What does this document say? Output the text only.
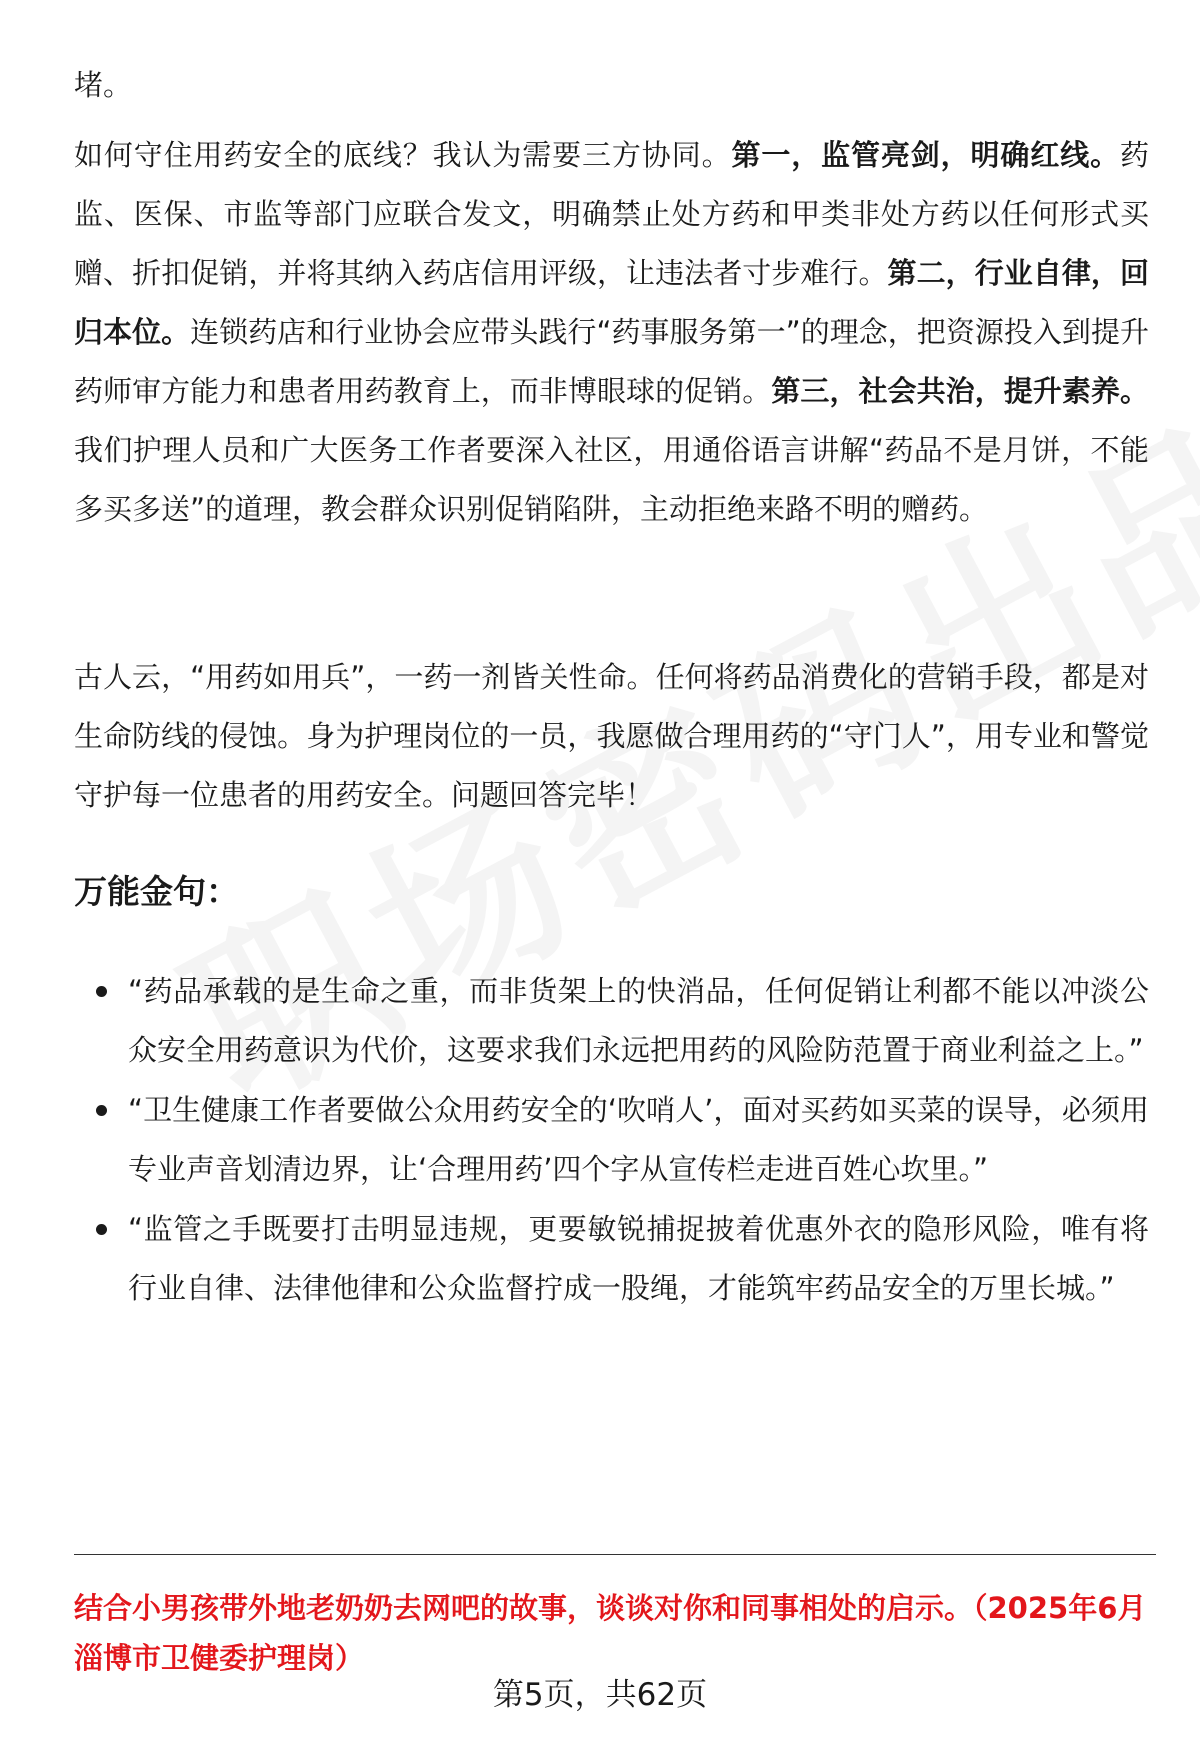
堵。

如何守住用药安全的底线？我认为需要三方协同。第一，监管亮剑，明确红线。药监、医保、市监等部门应联合发文，明确禁止处方药和甲类非处方药以任何形式买赠、折扣促销，并将其纳入药店信用评级，让违法者寸步难行。第二，行业自律，回归本位。连锁药店和行业协会应带头践行“药事服务第一”的理念，把资源投入到提升药师审方能力和患者用药教育上，而非博眼球的促销。第三，社会共治，提升素养。我们护理人员和广大医务工作者要深入社区，用通俗语言讲解“药品不是月饼，不能多买多送”的道理，教会群众识别促销陷阱，主动拒绝来路不明的赠药。

古人云，“用药如用兵”，一药一剂皆关性命。任何将药品消费化的营销手段，都是对生命防线的侵蚀。身为护理岗位的一员，我愿做合理用药的“守门人”，用专业和警觉守护每一位患者的用药安全。问题回答完毕！

万能金句：
“药品承载的是生命之重，而非货架上的快消品，任何促销让利都不能以冲淡公众安全用药意识为代价，这要求我们永远把用药的风险防范置于商业利益之上。”
“卫生健康工作者要做公众用药安全的‘吹哨人’，面对买药如买菜的误导，必须用专业声音划清边界，让‘合理用药’四个字从宣传栏走进百姓心坎里。”
“监管之手既要打击明显违规，更要敏锐捕捉披着优惠外衣的隐形风险，唯有将行业自律、法律他律和公众监督拧成一股绳，才能筑牢药品安全的万里长城。”

结合小男孩带外地老奶奶去网吧的故事，谈谈对你和同事相处的启示。（2025年6月淄博市卫健委护理岗）

第5页，共62页
